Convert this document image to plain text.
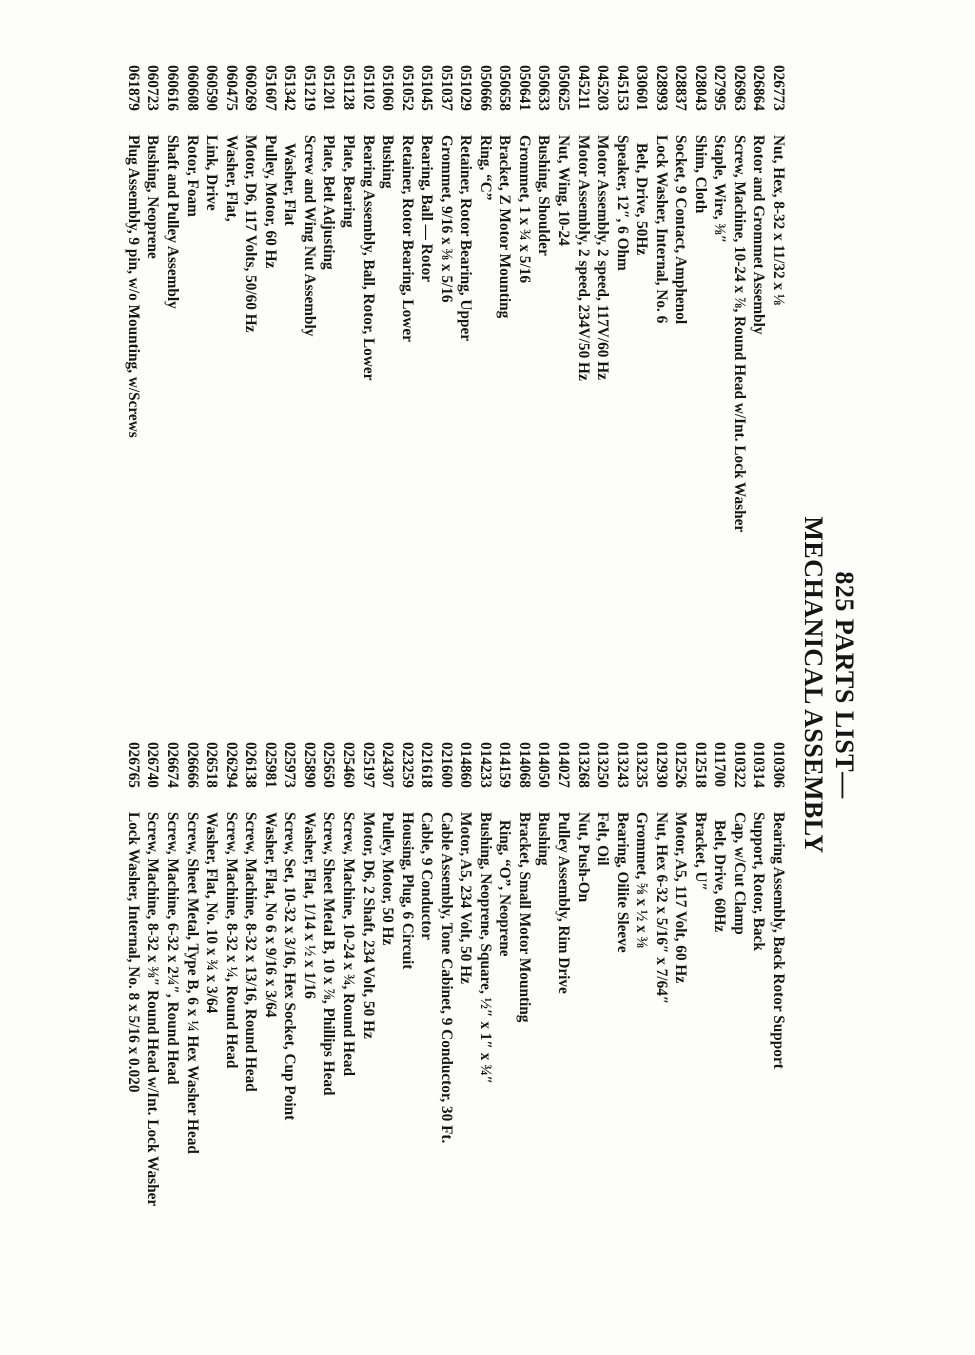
825 PARTS LIST—
MECHANICAL ASSEMBLY
026773Nut, Hex, 8-32 x 11/32 x ⅛
026864Rotor and Grommet Assembly
026963Screw, Machine, 10-24 x ⅞, Round Head w/Int. Lock Washer
027995Staple, Wire, ⅜″
028043Shim, Cloth
028837Socket, 9 Contact, Amphenol
028993Lock Washer, Internal, No. 6
030601Belt, Drive, 50Hz
045153Speaker, 12″, 6 Ohm
045203Motor Assembly, 2 speed, 117V/60 Hz
045211Motor Assembly, 2 speed, 234V/50 Hz
050625Nut, Wing, 10-24
050633Bushing, Shoulder
050641Grommet, 1 x ¾ x 5/16
050658Bracket, Z Motor Mounting
050666Ring, “C”
051029Retainer, Rotor Bearing, Upper
051037Grommet, 9/16 x ⅜ x 5/16
051045Bearing, Ball — Rotor
051052Retainer, Rotor Bearing, Lower
051060Bushing
051102Bearing Assembly, Ball, Rotor, Lower
051128Plate, Bearing
051201Plate, Belt Adjusting
051219Screw and Wing Nut Assembly
051342Washer, Flat
051607Pulley, Motor, 60 Hz
060269Motor, D6, 117 Volts, 50/60 Hz
060475Washer, Flat,
060590Link, Drive
060608Rotor, Foam
060616Shaft and Pulley Assembly
060723Bushing, Neoprene
061879Plug Assembly, 9 pin, w/o Mounting, w/Screws
010306Bearing Assembly, Back Rotor Support
010314Support, Rotor, Back
010322Cap, w/Cut Clamp
011700Belt, Drive, 60Hz
012518Bracket, U″
012526Motor, A5, 117 Volt, 60 Hz
012930Nut, Hex 6-32 x 5/16″ x 7/64″
013235Grommet, ⅝ x ½ x ⅜
013243Bearing, Oilite Sleeve
013250Felt, Oil
013268Nut, Push-On
014027Pulley Assembly, Rim Drive
014050Bushing
014068Bracket, Small Motor Mounting
014159Ring, “O”, Neoprene
014233Bushing, Neoprene, Square, ½″ x 1″ x ¾″
014860Motor, A5, 234 Volt, 50 Hz
021600Cable Assembly, Tone Cabinet, 9 Conductor, 30 Ft.
021618Cable, 9 Conductor
023259Housing, Plug, 6 Circuit
024307Pulley, Motor, 50 Hz
025197Motor, D6, 2 Shaft, 234 Volt, 50 Hz
025460Screw, Machine, 10-24 x ¾, Round Head
025650Screw, Sheet Metal B, 10 x ⅞, Phillips Head
025890Washer, Flat, 1/14 x ½ x 1/16
025973Screw, Set, 10-32 x 3/16, Hex Socket, Cup Point
025981Washer, Flat, No 6 x 9/16 x 3/64
026138Screw, Machine, 8-32 x 13/16, Round Head
026294Screw, Machine, 8-32 x ¼, Round Head
026518Washer, Flat, No. 10 x ¾ x 3/64
026666Screw, Sheet Metal, Type B, 6 x ¼ Hex Washer Head
026674Screw, Machine, 6-32 x 2¼″, Round Head
026740Screw, Machine, 8-32 x ⅜″ Round Head w/Int. Lock Washer
026765Lock Washer, Internal, No. 8 x 5/16 x 0.020
